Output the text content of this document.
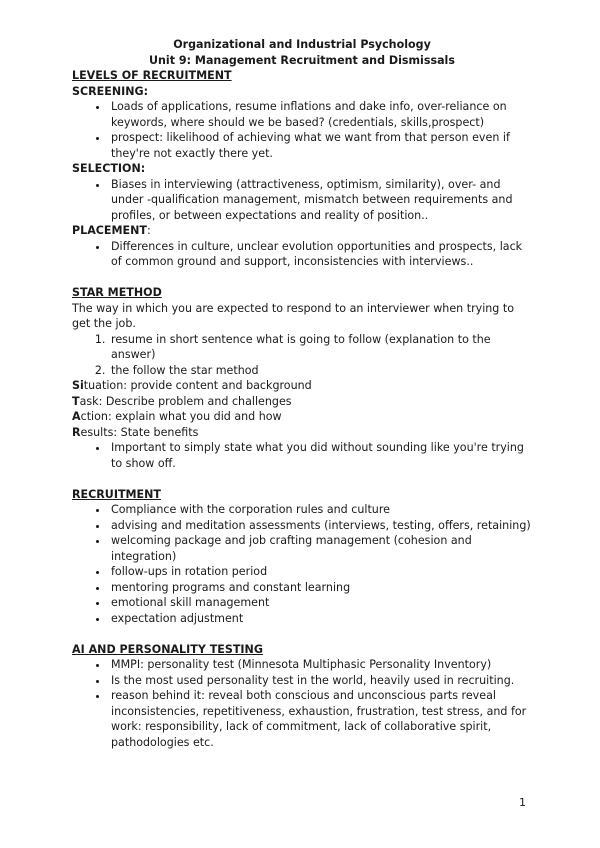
Organizational and Industrial Psychology
Unit 9: Management Recruitment and Dismissals
LEVELS OF RECRUITMENT
SCREENING:
• Loads of applications, resume inflations and dake info, over-reliance on keywords, where should we be based? (credentials, skills,prospect)
• prospect: likelihood of achieving what we want from that person even if they're not exactly there yet.
SELECTION:
• Biases in interviewing (attractiveness, optimism, similarity), over- and under -qualification management, mismatch between requirements and profiles, or between expectations and reality of position..
PLACEMENT:
• Differences in culture, unclear evolution opportunities and prospects, lack of common ground and support, inconsistencies with interviews..
STAR METHOD

The way in which you are expected to respond to an interviewer when trying to get the job.

1. resume in short sentence what is going to follow (explanation to the answer)
2. the follow the star method

Situation: provide content and background

Task: Describe problem and challenges

Action: explain what you did and how

Results: State benefits

• Important to simply state what you did without sounding like you're trying to show off.
RECRUITMENT
• Compliance with the corporation rules and culture
• advising and meditation assessments (interviews, testing, offers, retaining)
• welcoming package and job crafting management (cohesion and integration)
• follow-ups in rotation period
• mentoring programs and constant learning
• emotional skill management
• expectation adjustment
AI AND PERSONALITY TESTING
• MMPI: personality test (Minnesota Multiphasic Personality Inventory)
• Is the most used personality test in the world, heavily used in recruiting.
• reason behind it: reveal both conscious and unconscious parts reveal inconsistencies, repetitiveness, exhaustion, frustration, test stress, and for work: responsibility, lack of commitment, lack of collaborative spirit, pathodologies etc.
1
